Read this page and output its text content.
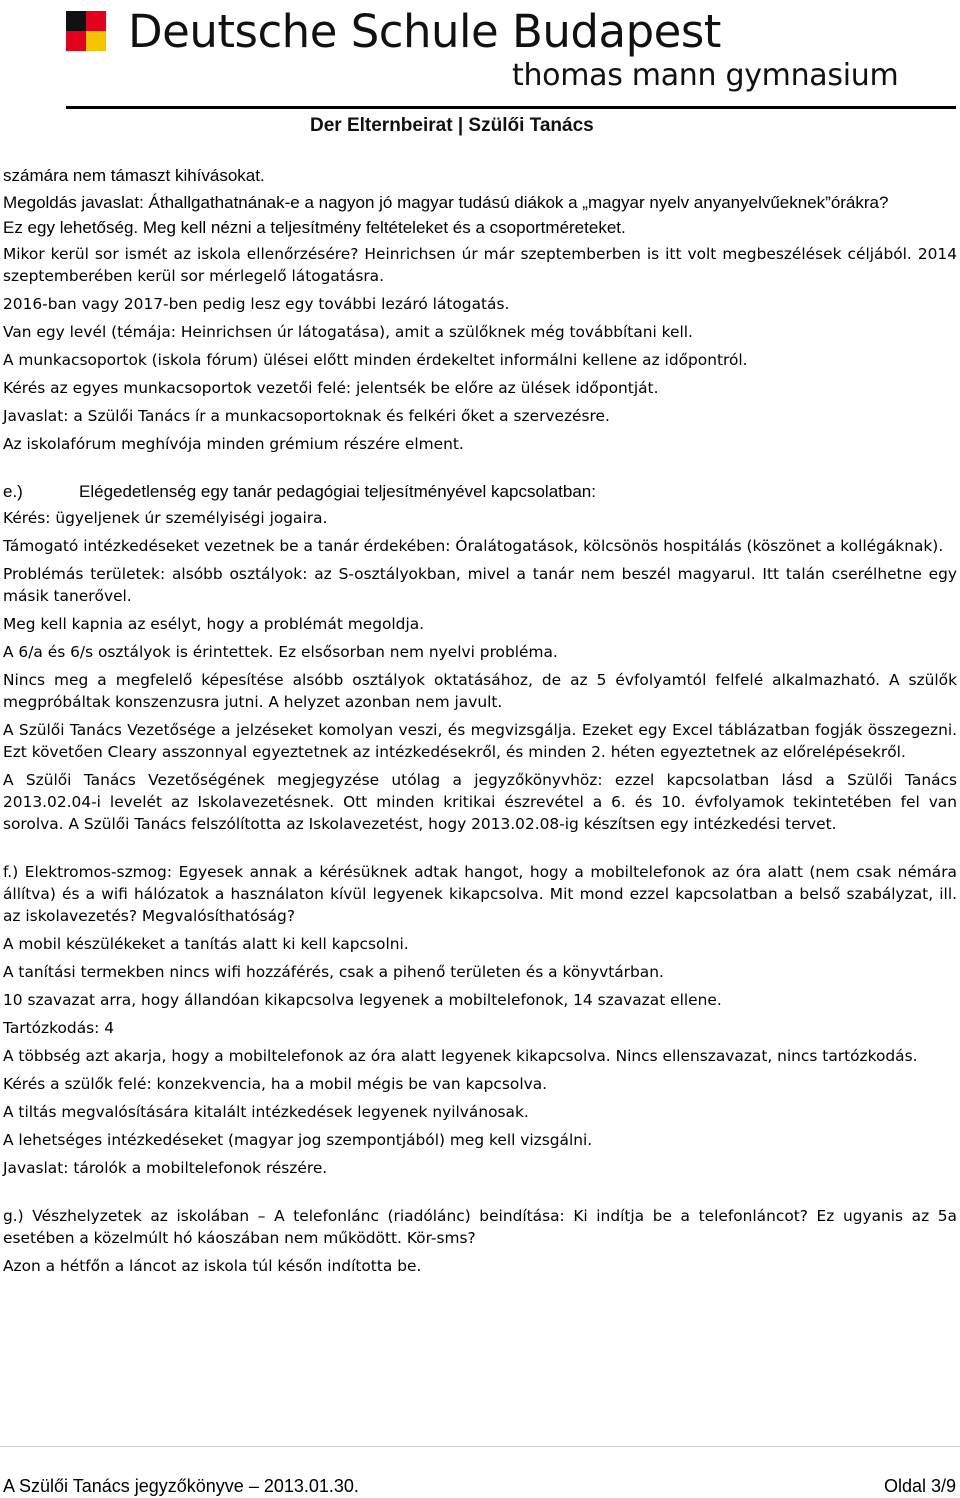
Deutsche Schule Budapest
thomas mann gymnasium
Der Elternbeirat | Szülői Tanács

számára nem támaszt kihívásokat.

Megoldás javaslat: Áthallgathatnának-e a nagyon jó magyar tudású diákok a „magyar nyelv anyanyelvűeknek”órákra?

Ez egy lehetőség. Meg kell nézni a teljesítmény feltételeket és a csoportméreteket.

Mikor kerül sor ismét az iskola ellenőrzésére? Heinrichsen úr már szeptemberben is itt volt megbeszélések céljából. 2014 szeptemberében kerül sor mérlegelő látogatásra.

2016-ban vagy 2017-ben pedig lesz egy további lezáró látogatás.

Van egy levél (témája: Heinrichsen úr látogatása), amit a szülőknek még továbbítani kell.

A munkacsoportok (iskola fórum) ülései előtt minden érdekeltet informálni kellene az időpontról.

Kérés az egyes munkacsoportok vezetői felé: jelentsék be előre az ülések időpontját.

Javaslat: a Szülői Tanács ír a munkacsoportoknak és felkéri őket a szervezésre.

Az iskolafórum meghívója minden grémium részére elment.

e.)	Elégedetlenség egy tanár pedagógiai teljesítményével kapcsolatban:

Kérés: ügyeljenek úr személyiségi jogaira.

Támogató intézkedéseket vezetnek be a tanár érdekében: Óralátogatások, kölcsönös hospitálás (köszönet a kollégáknak).

Problémás területek: alsóbb osztályok: az S-osztályokban, mivel a tanár nem beszél magyarul. Itt talán cserélhetne egy másik tanerővel.

Meg kell kapnia az esélyt, hogy a problémát megoldja.

A 6/a és 6/s osztályok is érintettek. Ez elsősorban nem nyelvi probléma.

Nincs meg a megfelelő képesítése alsóbb osztályok oktatásához, de az 5 évfolyamtól felfelé alkalmazható. A szülők megpróbáltak konszenzusra jutni. A helyzet azonban nem javult.

A Szülői Tanács Vezetősége a jelzéseket komolyan veszi, és megvizsgálja. Ezeket egy Excel táblázatban fogják összegezni. Ezt követően Cleary asszonnyal egyeztetnek az intézkedésekről, és minden 2. héten egyeztetnek az előrelépésekről.

A Szülői Tanács Vezetőségének megjegyzése utólag a jegyzőkönyvhöz: ezzel kapcsolatban lásd a Szülői Tanács 2013.02.04-i levelét az Iskolavezetésnek. Ott minden kritikai észrevétel a 6. és 10. évfolyamok tekintetében fel van sorolva. A Szülői Tanács felszólította az Iskolavezetést, hogy 2013.02.08-ig készítsen egy intézkedési tervet.

f.) Elektromos-szmog: Egyesek annak a kérésüknek adtak hangot, hogy a mobiltelefonok az óra alatt (nem csak némára állítva) és a wifi hálózatok a használaton kívül legyenek kikapcsolva. Mit mond ezzel kapcsolatban a belső szabályzat, ill. az iskolavezetés? Megvalósíthatóság?

A mobil készülékeket a tanítás alatt ki kell kapcsolni.

A tanítási termekben nincs wifi hozzáférés, csak a pihenő területen és a könyvtárban.

10 szavazat arra, hogy állandóan kikapcsolva legyenek a mobiltelefonok, 14 szavazat ellene.

Tartózkodás: 4

A többség azt akarja, hogy a mobiltelefonok az óra alatt legyenek kikapcsolva. Nincs ellenszavazat, nincs tartózkodás.

Kérés a szülők felé: konzekvencia, ha a mobil mégis be van kapcsolva.

A tiltás megvalósítására kitalált intézkedések legyenek nyilvánosak.

A lehetséges intézkedéseket (magyar jog szempontjából) meg kell vizsgálni.

Javaslat: tárolók a mobiltelefonok részére.

g.) Vészhelyzetek az iskolában – A telefonlánc (riadólánc) beindítása: Ki indítja be a telefonláncot? Ez ugyanis az 5a esetében a közelmúlt hó káoszában nem működött. Kör-sms?

Azon a hétfőn a láncot az iskola túl későn indította be.

A Szülői Tanács jegyzőkönyve – 2013.01.30.	Oldal 3/9
